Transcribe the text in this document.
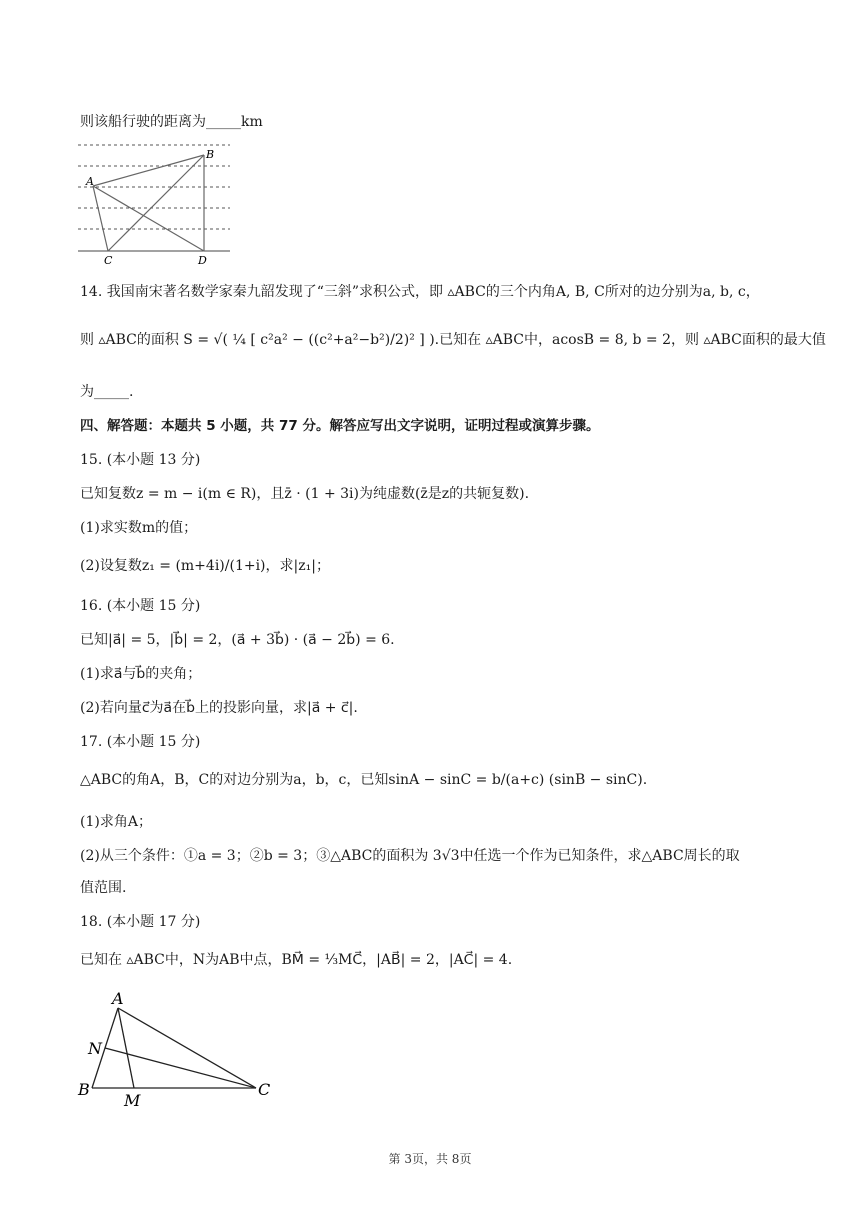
则该船行驶的距离为_____km
B
A
C	D
14. 我国南宋著名数学家秦九韶发现了“三斜”求积公式，即 ▵ABC的三个内角A, B, C所对的边分别为a, b, c，
则 ▵ABC的面积 S = √( ¼ [ c²a² − ((c²+a²−b²)/2)² ] ).已知在 ▵ABC中，acosB = 8, b = 2，则 ▵ABC面积的最大值
为_____.
四、解答题：本题共 5 小题，共 77 分。解答应写出文字说明，证明过程或演算步骤。
15. (本小题 13 分)
已知复数z = m − i(m ∈ R)，且z̄ · (1 + 3i)为纯虚数(z̄是z的共轭复数).
(1)求实数m的值；
(2)设复数z₁ = (m+4i)/(1+i)，求|z₁|；
16. (本小题 15 分)
已知|a⃗| = 5，|b⃗| = 2，(a⃗ + 3b⃗) · (a⃗ − 2b⃗) = 6.
(1)求a⃗与b⃗的夹角；
(2)若向量c⃗为a⃗在b⃗上的投影向量，求|a⃗ + c⃗|.
17. (本小题 15 分)
△ABC的角A，B，C的对边分别为a，b，c，已知sinA − sinC = b/(a+c) (sinB − sinC).
(1)求角A；
(2)从三个条件：①a = 3；②b = 3；③△ABC的面积为 3√3中任选一个作为已知条件，求△ABC周长的取
值范围.
18. (本小题 17 分)
已知在 ▵ABC中，N为AB中点，BM⃗ = ⅓MC⃗，|AB⃗| = 2，|AC⃗| = 4.
A
N
B
M
C
第 3页，共 8页
